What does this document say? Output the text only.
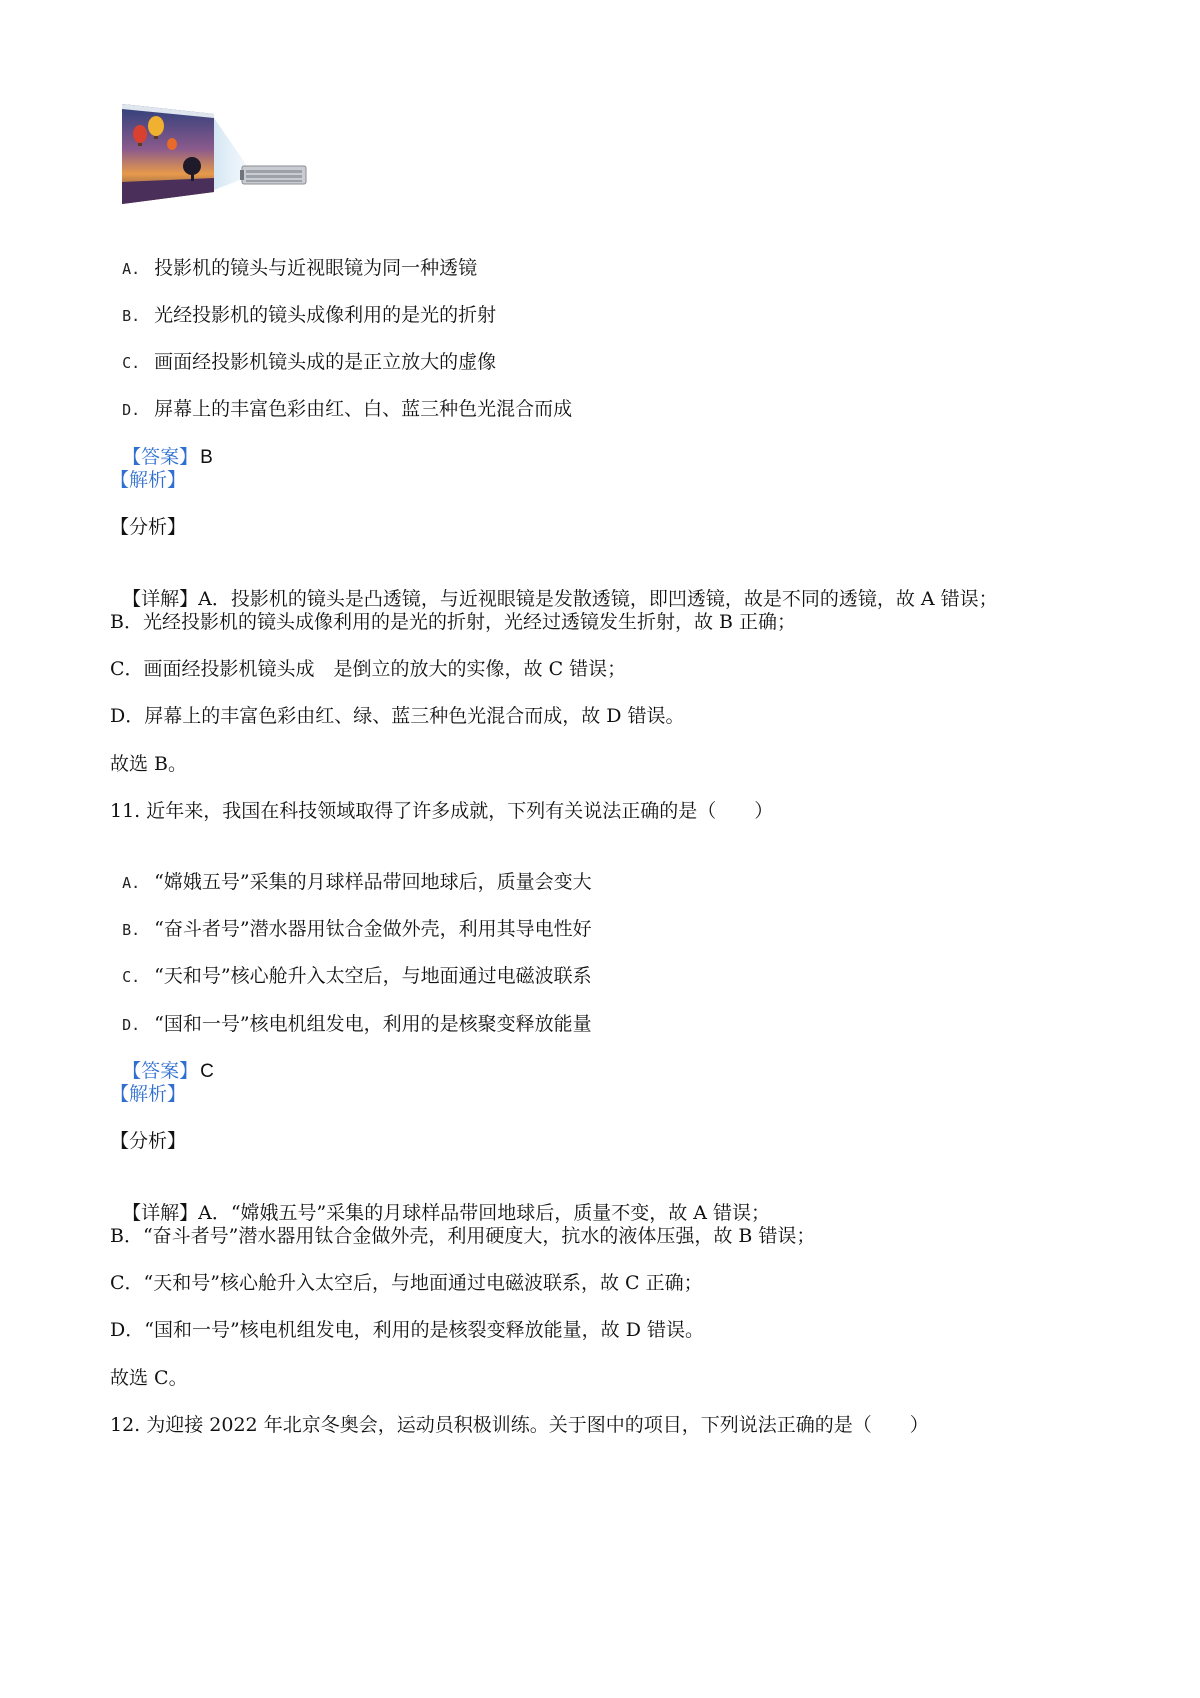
A. 投影机的镜头与近视眼镜为同一种透镜

B. 光经投影机的镜头成像利用的是光的折射

C. 画面经投影机镜头成的是正立放大的虚像

D. 屏幕上的丰富色彩由红、白、蓝三种色光混合而成

【答案】 B

【解析】
【分析】

【详解】A．投影机的镜头是凸透镜，与近视眼镜是发散透镜，即凹透镜，故是不同的透镜，故 A 错误；

B．光经投影机的镜头成像利用的是光的折射，光经过透镜发生折射，故 B 正确；
C．画面经投影机镜头成　是倒立的放大的实像，故 C 错误；
D．屏幕上的丰富色彩由红、绿、蓝三种色光混合而成，故 D 错误。
故选 B。
11. 近年来，我国在科技领域取得了许多成就，下列有关说法正确的是（　　）

A. “嫦娥五号”采集的月球样品带回地球后，质量会变大

B. “奋斗者号”潜水器用钛合金做外壳，利用其导电性好

C. “天和号”核心舱升入太空后，与地面通过电磁波联系

D. “国和一号”核电机组发电，利用的是核聚变释放能量

【答案】 C

【解析】
【分析】

【详解】A．“嫦娥五号”采集的月球样品带回地球后，质量不变，故 A 错误；

B．“奋斗者号”潜水器用钛合金做外壳，利用硬度大，抗水的液体压强，故 B 错误；
C．“天和号”核心舱升入太空后，与地面通过电磁波联系，故 C 正确；
D．“国和一号”核电机组发电，利用的是核裂变释放能量，故 D 错误。
故选 C。
12. 为迎接 2022 年北京冬奥会，运动员积极训练。关于图中的项目，下列说法正确的是（　　）
